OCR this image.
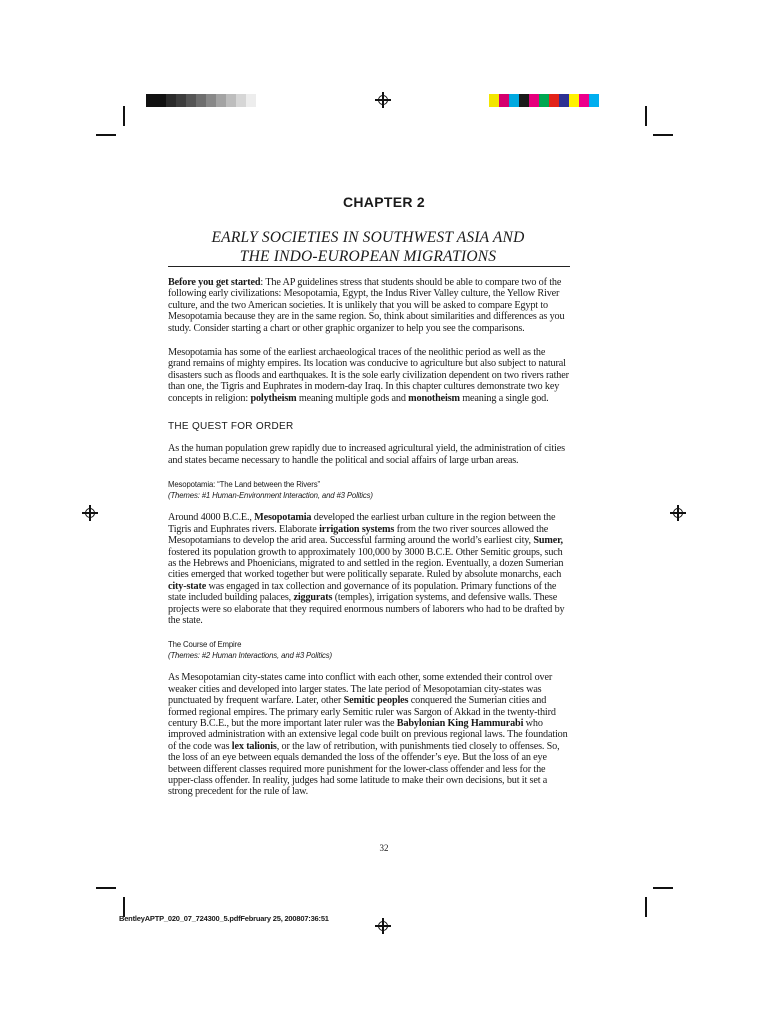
CHAPTER 2
EARLY SOCIETIES IN SOUTHWEST ASIA AND
THE INDO-EUROPEAN MIGRATIONS

Before you get started: The AP guidelines stress that students should be able to compare two of the following early civilizations: Mesopotamia, Egypt, the Indus River Valley culture, the Yellow River culture, and the two American societies. It is unlikely that you will be asked to compare Egypt to Mesopotamia because they are in the same region. So, think about similarities and differences as you study. Consider starting a chart or other graphic organizer to help you see the comparisons.

Mesopotamia has some of the earliest archaeological traces of the neolithic period as well as the grand remains of mighty empires. Its location was conducive to agriculture but also subject to natural disasters such as floods and earthquakes. It is the sole early civilization dependent on two rivers rather than one, the Tigris and Euphrates in modern-day Iraq. In this chapter cultures demonstrate two key concepts in religion: polytheism meaning multiple gods and monotheism meaning a single god.

THE QUEST FOR ORDER

As the human population grew rapidly due to increased agricultural yield, the administration of cities and states became necessary to handle the political and social affairs of large urban areas.

Mesopotamia: “The Land between the Rivers”
(Themes: #1 Human-Environment Interaction, and #3 Politics)

Around 4000 B.C.E., Mesopotamia developed the earliest urban culture in the region between the Tigris and Euphrates rivers. Elaborate irrigation systems from the two river sources allowed the Mesopotamians to develop the arid area. Successful farming around the world’s earliest city, Sumer, fostered its population growth to approximately 100,000 by 3000 B.C.E. Other Semitic groups, such as the Hebrews and Phoenicians, migrated to and settled in the region. Eventually, a dozen Sumerian cities emerged that worked together but were politically separate. Ruled by absolute monarchs, each city-state was engaged in tax collection and governance of its population. Primary functions of the state included building palaces, ziggurats (temples), irrigation systems, and defensive walls. These projects were so elaborate that they required enormous numbers of laborers who had to be drafted by the state.

The Course of Empire
(Themes: #2 Human Interactions, and #3 Politics)

As Mesopotamian city-states came into conflict with each other, some extended their control over weaker cities and developed into larger states. The late period of Mesopotamian city-states was punctuated by frequent warfare. Later, other Semitic peoples conquered the Sumerian cities and formed regional empires. The primary early Semitic ruler was Sargon of Akkad in the twenty-third century B.C.E., but the more important later ruler was the Babylonian King Hammurabi who improved administration with an extensive legal code built on previous regional laws. The foundation of the code was lex talionis, or the law of retribution, with punishments tied closely to offenses. So, the loss of an eye between equals demanded the loss of the offender’s eye. But the loss of an eye between different classes required more punishment for the lower-class offender and less for the upper-class offender. In reality, judges had some latitude to make their own decisions, but it set a strong precedent for the rule of law.

32
BentleyAPTP_020_07_724300_5.pdfFebruary 25, 200807:36:51
